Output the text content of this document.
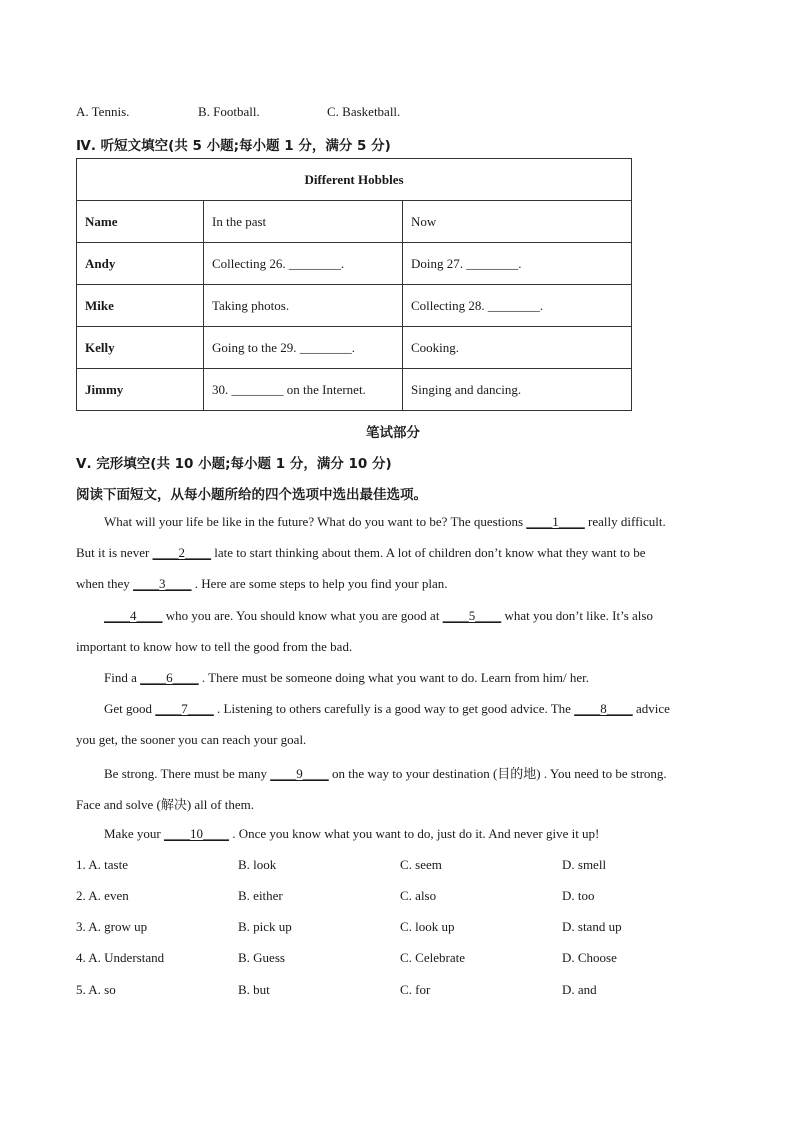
A. Tennis.	B. Football.	C. Basketball.
Ⅳ. 听短文填空(共 5 小题;每小题 1 分，满分 5 分)
Different Hobbles		
Name	In the past	Now
Andy	Collecting 26. ________.	Doing 27. ________.
Mike	Taking photos.	Collecting 28. ________.
Kelly	Going to the 29. ________.	Cooking.
Jimmy	30. ________ on the Internet.	Singing and dancing.
笔试部分
Ⅴ. 完形填空(共 10 小题;每小题 1 分，满分 10 分)
阅读下面短文，从每小题所给的四个选项中选出最佳选项。
What will your life be like in the future? What do you want to be? The questions ____1____ really difficult.
But it is never ____2____ late to start thinking about them. A lot of children don’t know what they want to be
when they ____3____ . Here are some steps to help you find your plan.
____4____ who you are. You should know what you are good at ____5____ what you don’t like. It’s also
important to know how to tell the good from the bad.
Find a ____6____ . There must be someone doing what you want to do. Learn from him/ her.
Get good ____7____ . Listening to others carefully is a good way to get good advice. The ____8____ advice
you get, the sooner you can reach your goal.
Be strong. There must be many ____9____ on the way to your destination (目的地) . You need to be strong.
Face and solve (解决) all of them.
Make your ____10____ . Once you know what you want to do, just do it. And never give it up!
1. A. taste	B. look	C. seem	D. smell
2. A. even	B. either	C. also	D. too
3. A. grow up	B. pick up	C. look up	D. stand up
4. A. Understand	B. Guess	C. Celebrate	D. Choose
5. A. so	B. but	C. for	D. and
